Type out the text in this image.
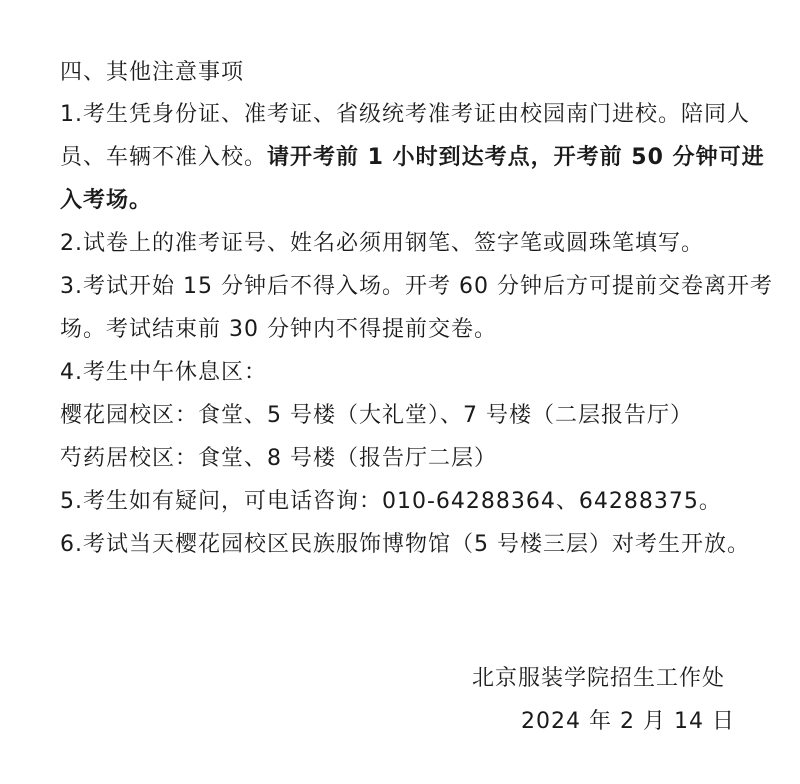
四、其他注意事项
1.考生凭身份证、准考证、省级统考准考证由校园南门进校。陪同人
员、车辆不准入校。请开考前 1 小时到达考点，开考前 50 分钟可进
入考场。
2.试卷上的准考证号、姓名必须用钢笔、签字笔或圆珠笔填写。
3.考试开始 15 分钟后不得入场。开考 60 分钟后方可提前交卷离开考
场。考试结束前 30 分钟内不得提前交卷。
4.考生中午休息区：
樱花园校区：食堂、5 号楼（大礼堂）、7 号楼（二层报告厅）
芍药居校区：食堂、8 号楼（报告厅二层）
5.考生如有疑问，可电话咨询：010-64288364、64288375。
6.考试当天樱花园校区民族服饰博物馆（5 号楼三层）对考生开放。
北京服装学院招生工作处
2024 年 2 月 14 日
